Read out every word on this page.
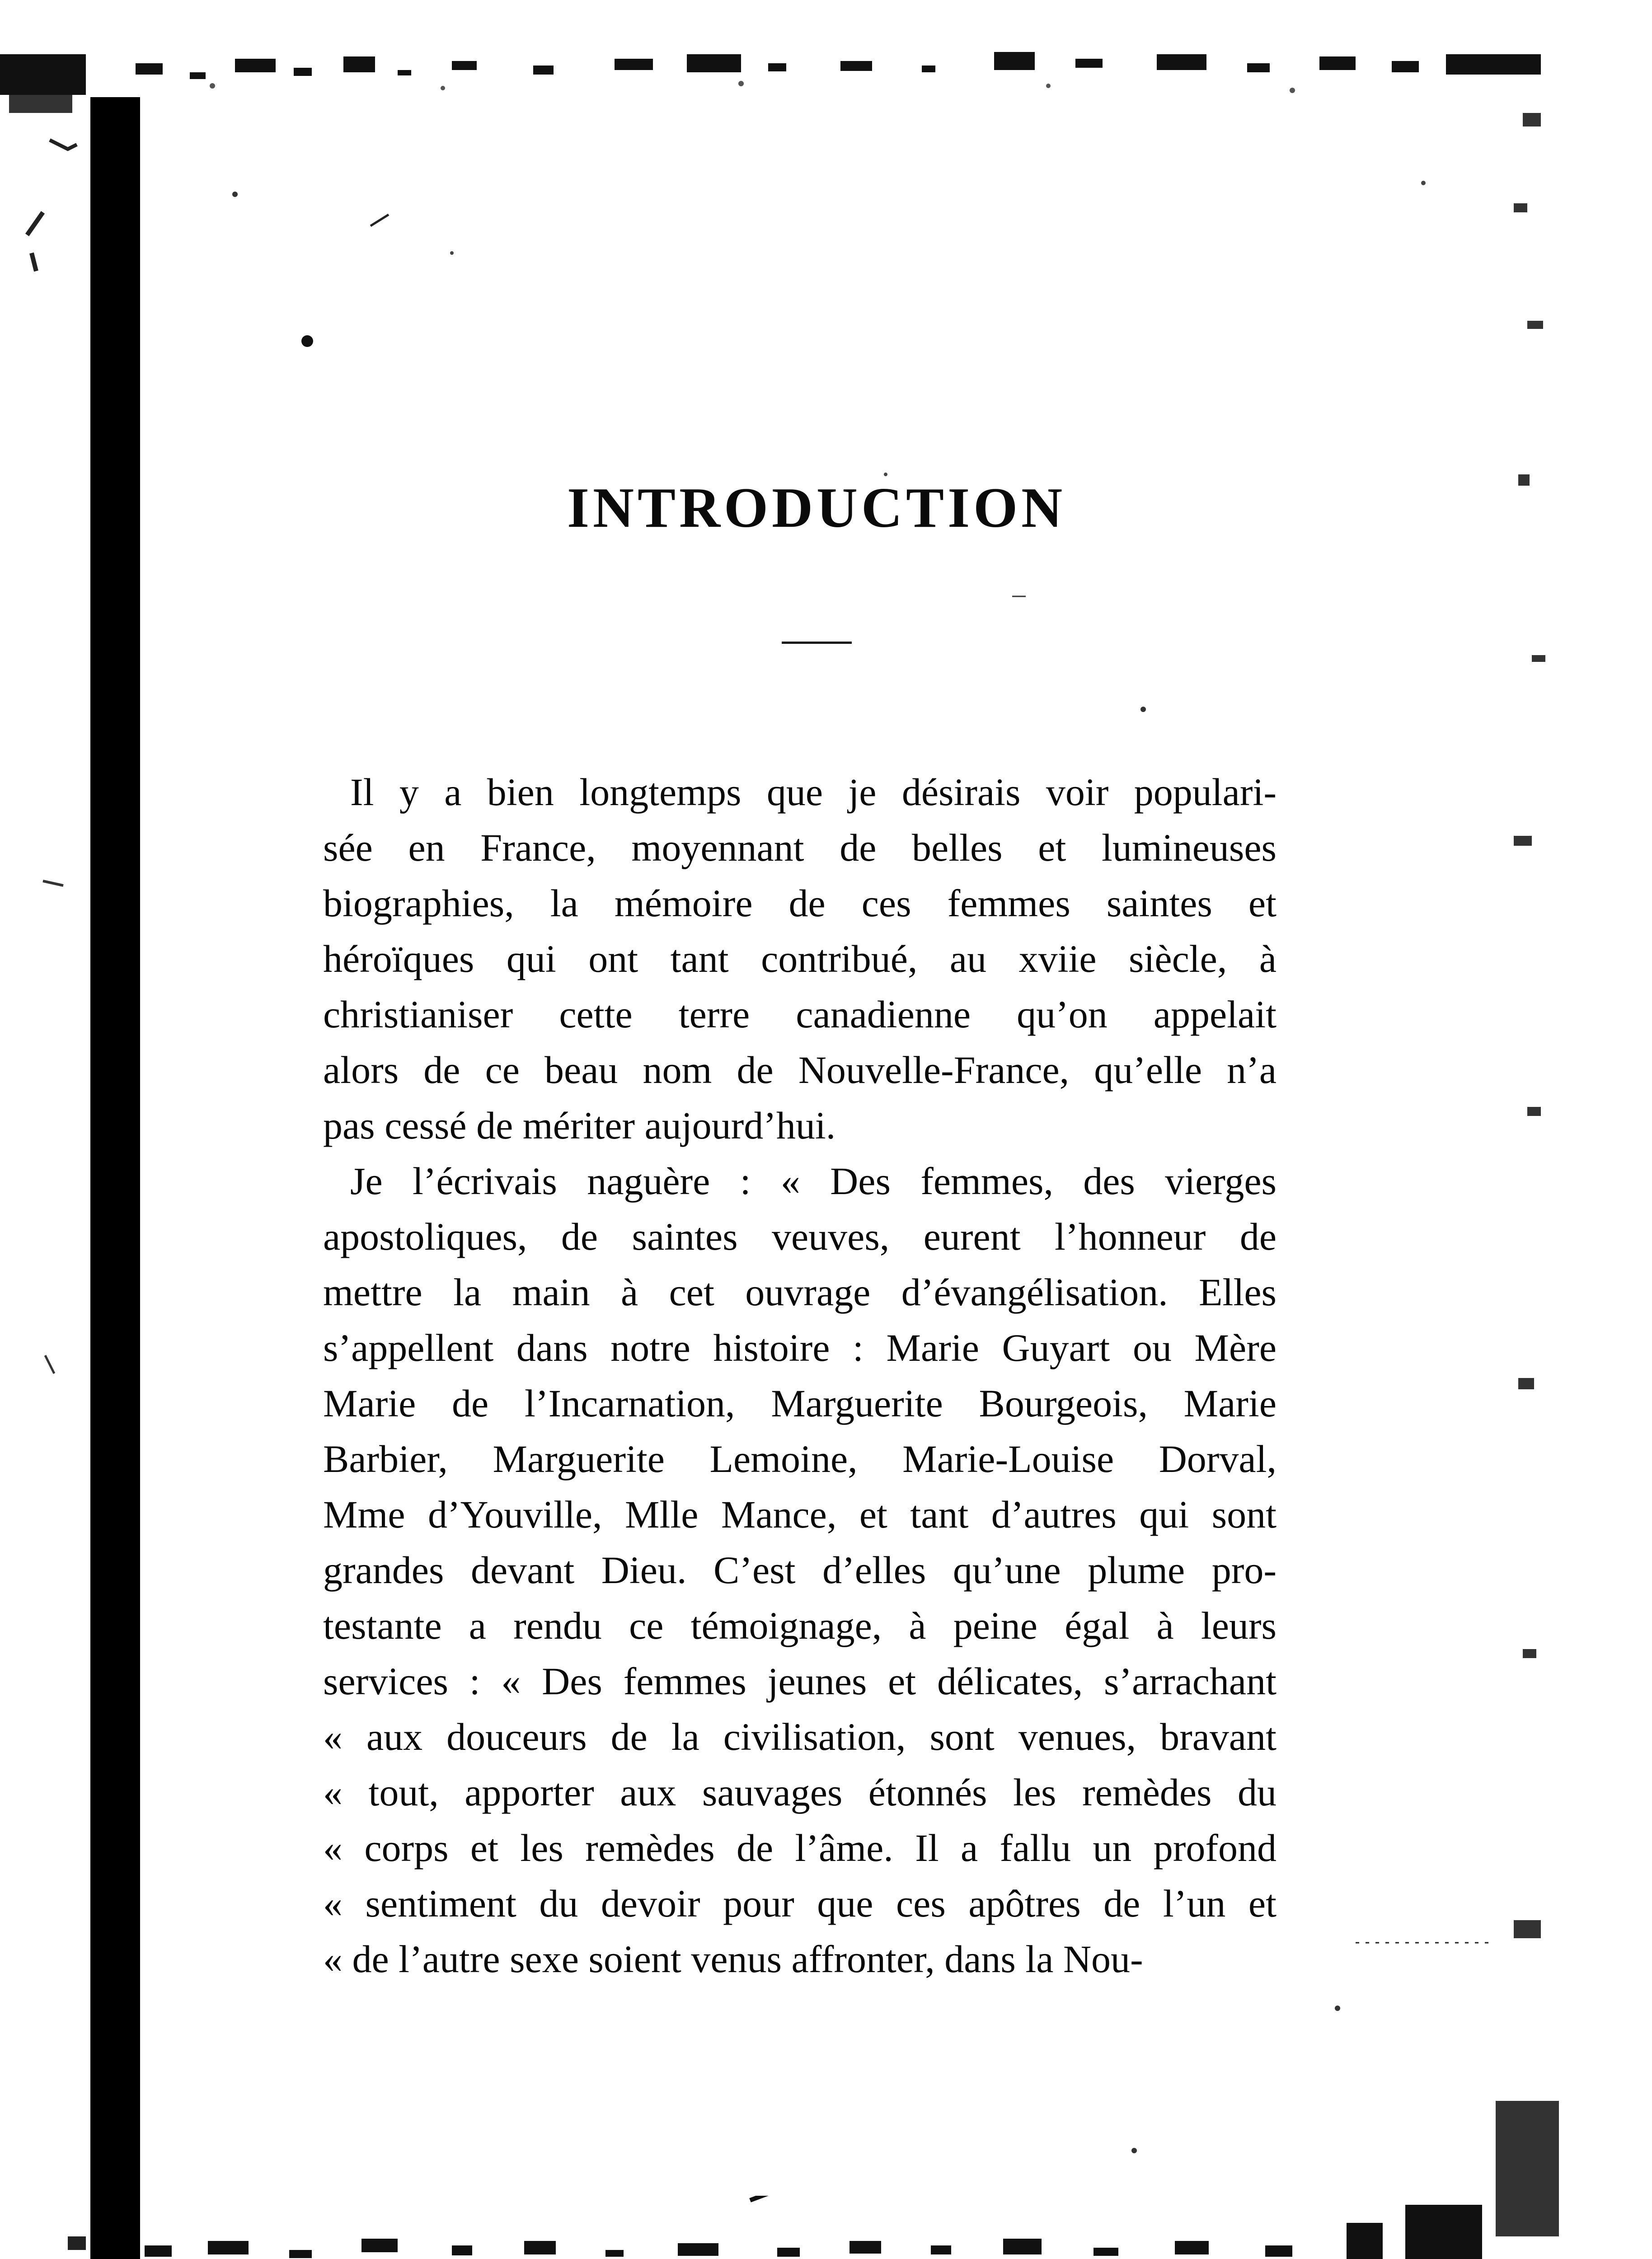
INTRODUCTION
Il y a bien longtemps que je désirais voir populari-
sée en France, moyennant de belles et lumineuses
biographies, la mémoire de ces femmes saintes et
héroïques qui ont tant contribué, au xviie siècle, à
christianiser cette terre canadienne qu’on appelait
alors de ce beau nom de Nouvelle-France, qu’elle n’a
pas cessé de mériter aujourd’hui.
Je l’écrivais naguère : « Des femmes, des vierges
apostoliques, de saintes veuves, eurent l’honneur de
mettre la main à cet ouvrage d’évangélisation. Elles
s’appellent dans notre histoire : Marie Guyart ou Mère
Marie de l’Incarnation, Marguerite Bourgeois, Marie
Barbier, Marguerite Lemoine, Marie-Louise Dorval,
Mme d’Youville, Mlle Mance, et tant d’autres qui sont
grandes devant Dieu. C’est d’elles qu’une plume pro-
testante a rendu ce témoignage, à peine égal à leurs
services : « Des femmes jeunes et délicates, s’arrachant
« aux douceurs de la civilisation, sont venues, bravant
« tout, apporter aux sauvages étonnés les remèdes du
« corps et les remèdes de l’âme. Il a fallu un profond
« sentiment du devoir pour que ces apôtres de l’un et
« de l’autre sexe soient venus affronter, dans la Nou-
